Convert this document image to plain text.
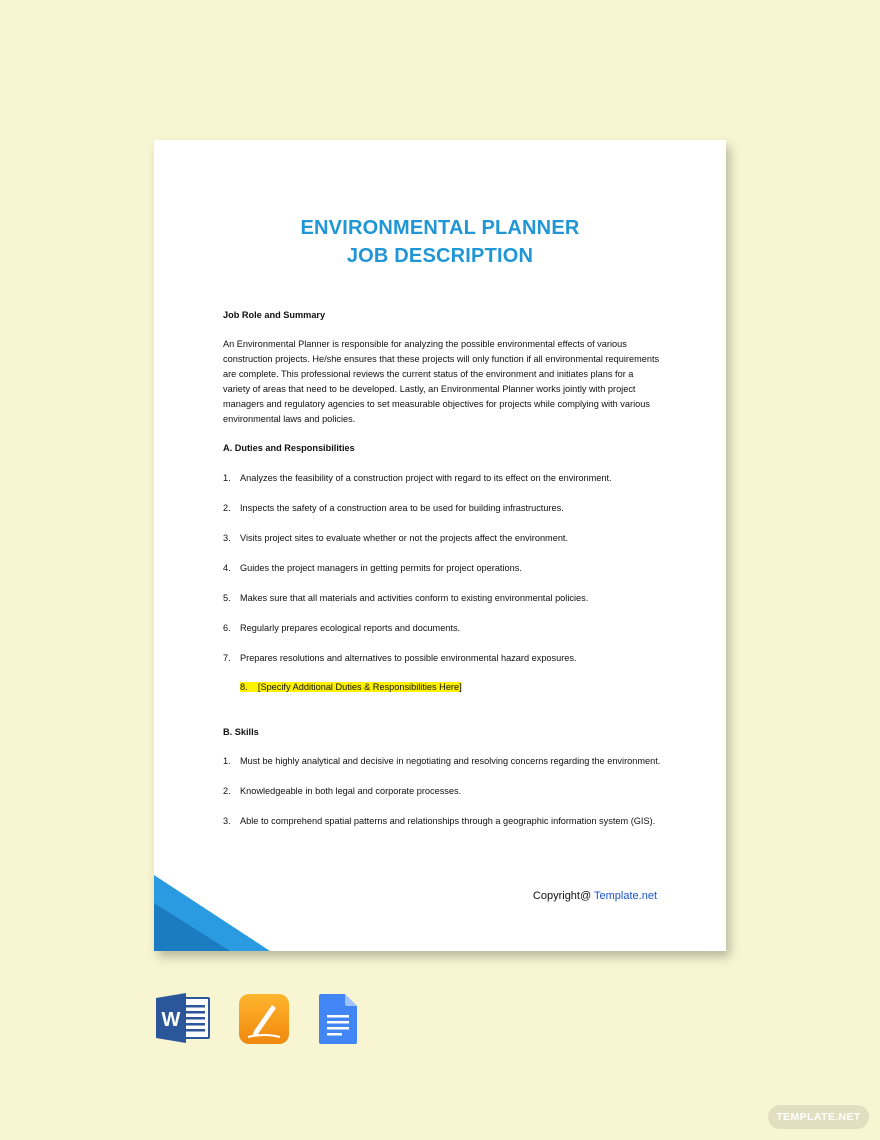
ENVIRONMENTAL PLANNER
JOB DESCRIPTION
Job Role and Summary
An Environmental Planner is responsible for analyzing the possible environmental effects of various construction projects. He/she ensures that these projects will only function if all environmental requirements are complete. This professional reviews the current status of the environment and initiates plans for a variety of areas that need to be developed. Lastly, an Environmental Planner works jointly with project managers and regulatory agencies to set measurable objectives for projects while complying with various environmental laws and policies.
A. Duties and Responsibilities
1. Analyzes the feasibility of a construction project with regard to its effect on the environment.
2. Inspects the safety of a construction area to be used for building infrastructures.
3. Visits project sites to evaluate whether or not the projects affect the environment.
4. Guides the project managers in getting permits for project operations.
5. Makes sure that all materials and activities conform to existing environmental policies.
6. Regularly prepares ecological reports and documents.
7. Prepares resolutions and alternatives to possible environmental hazard exposures.
8. [Specify Additional Duties & Responsibilities Here]
B. Skills
1. Must be highly analytical and decisive in negotiating and resolving concerns regarding the environment.
2. Knowledgeable in both legal and corporate processes.
3. Able to comprehend spatial patterns and relationships through a geographic information system (GIS).
Copyright@ Template.net
W
TEMPLATE.NET
